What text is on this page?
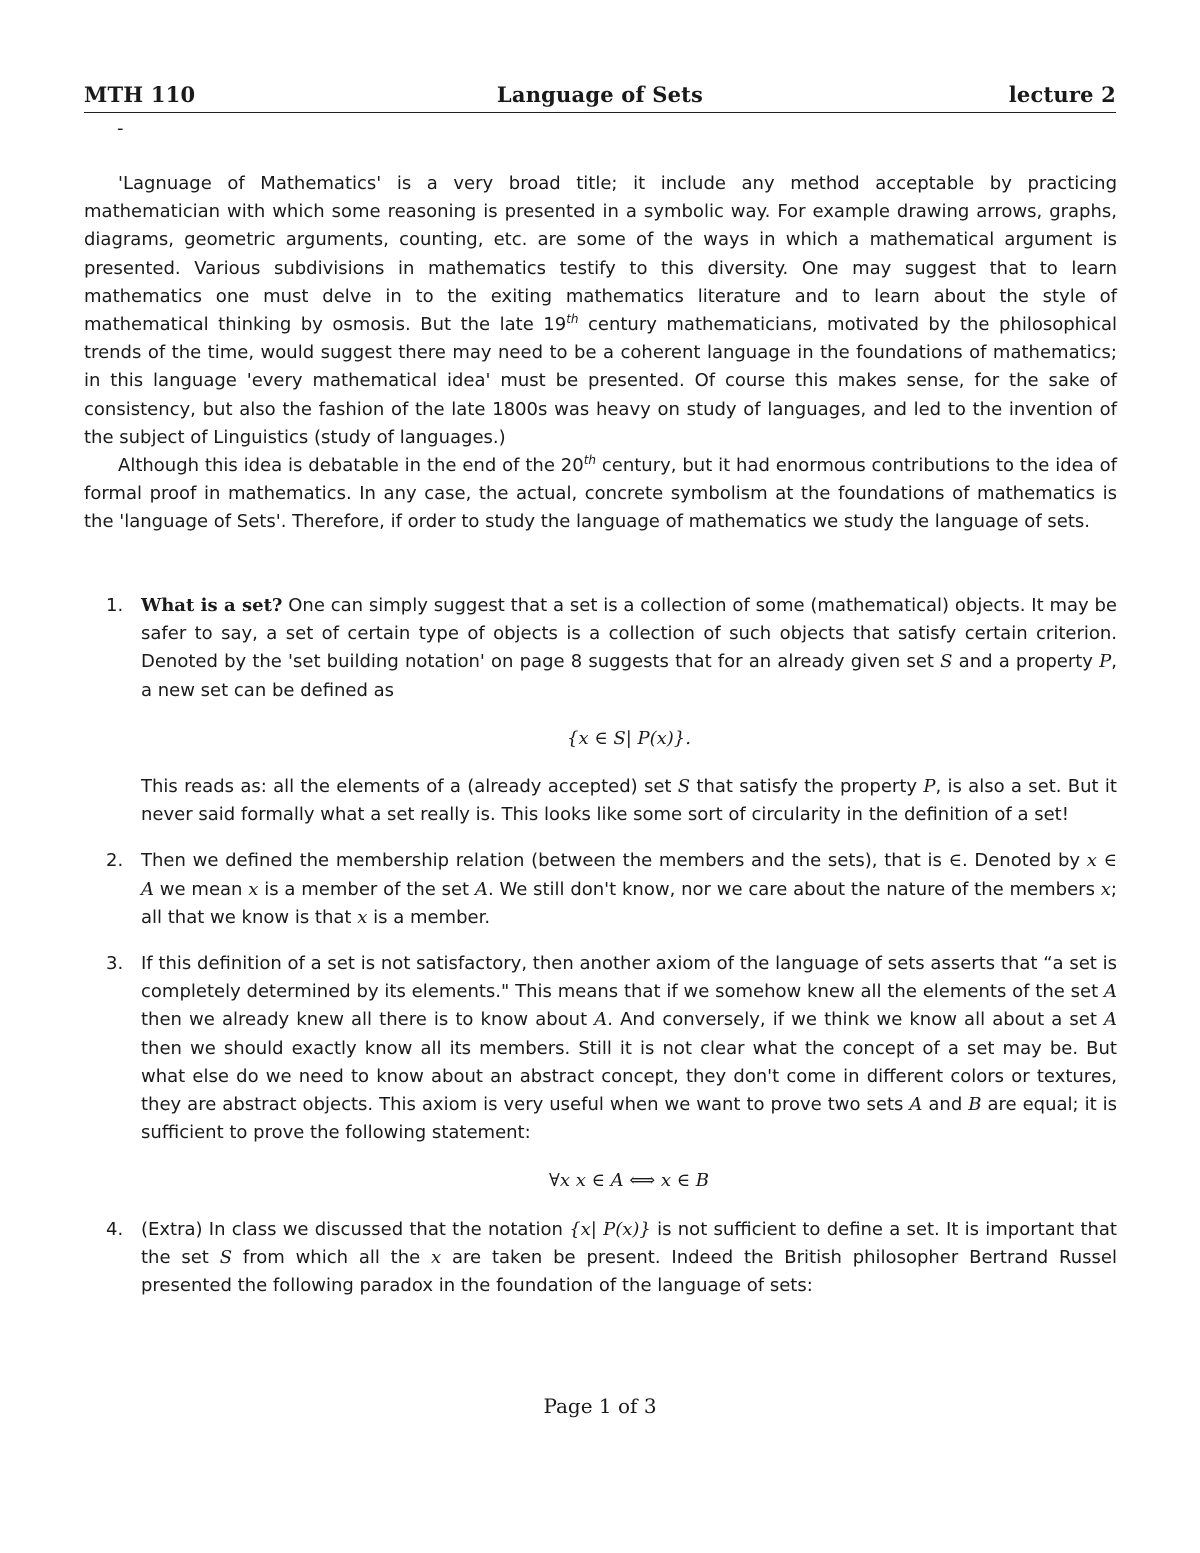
MTH 110	Language of Sets	lecture 2
-

'Lagnuage of Mathematics' is a very broad title; it include any method acceptable by practicing mathematician with which some reasoning is presented in a symbolic way. For example drawing arrows, graphs, diagrams, geometric arguments, counting, etc. are some of the ways in which a mathematical argument is presented. Various subdivisions in mathematics testify to this diversity. One may suggest that to learn mathematics one must delve in to the exiting mathematics literature and to learn about the style of mathematical thinking by osmosis. But the late 19th century mathematicians, motivated by the philosophical trends of the time, would suggest there may need to be a coherent language in the foundations of mathematics; in this language 'every mathematical idea' must be presented. Of course this makes sense, for the sake of consistency, but also the fashion of the late 1800s was heavy on study of languages, and led to the invention of the subject of Linguistics (study of languages.)

Although this idea is debatable in the end of the 20th century, but it had enormous contributions to the idea of formal proof in mathematics. In any case, the actual, concrete symbolism at the foundations of mathematics is the 'language of Sets'. Therefore, if order to study the language of mathematics we study the language of sets.

1. What is a set? One can simply suggest that a set is a collection of some (mathematical) objects. It may be safer to say, a set of certain type of objects is a collection of such objects that satisfy certain criterion. Denoted by the 'set building notation' on page 8 suggests that for an already given set S and a property P, a new set can be defined as

{x ∈ S| P(x)}.

This reads as: all the elements of a (already accepted) set S that satisfy the property P, is also a set. But it never said formally what a set really is. This looks like some sort of circularity in the definition of a set!

2. Then we defined the membership relation (between the members and the sets), that is ∈. Denoted by x ∈ A we mean x is a member of the set A. We still don't know, nor we care about the nature of the members x; all that we know is that x is a member.

3. If this definition of a set is not satisfactory, then another axiom of the language of sets asserts that “a set is completely determined by its elements." This means that if we somehow knew all the elements of the set A then we already knew all there is to know about A. And conversely, if we think we know all about a set A then we should exactly know all its members. Still it is not clear what the concept of a set may be. But what else do we need to know about an abstract concept, they don't come in different colors or textures, they are abstract objects. This axiom is very useful when we want to prove two sets A and B are equal; it is sufficient to prove the following statement:

∀x x ∈ A ⟺ x ∈ B
4. (Extra) In class we discussed that the notation {x| P(x)} is not sufficient to define a set. It is important that the set S from which all the x are taken be present. Indeed the British philosopher Bertrand Russel presented the following paradox in the foundation of the language of sets:

Page 1 of 3
